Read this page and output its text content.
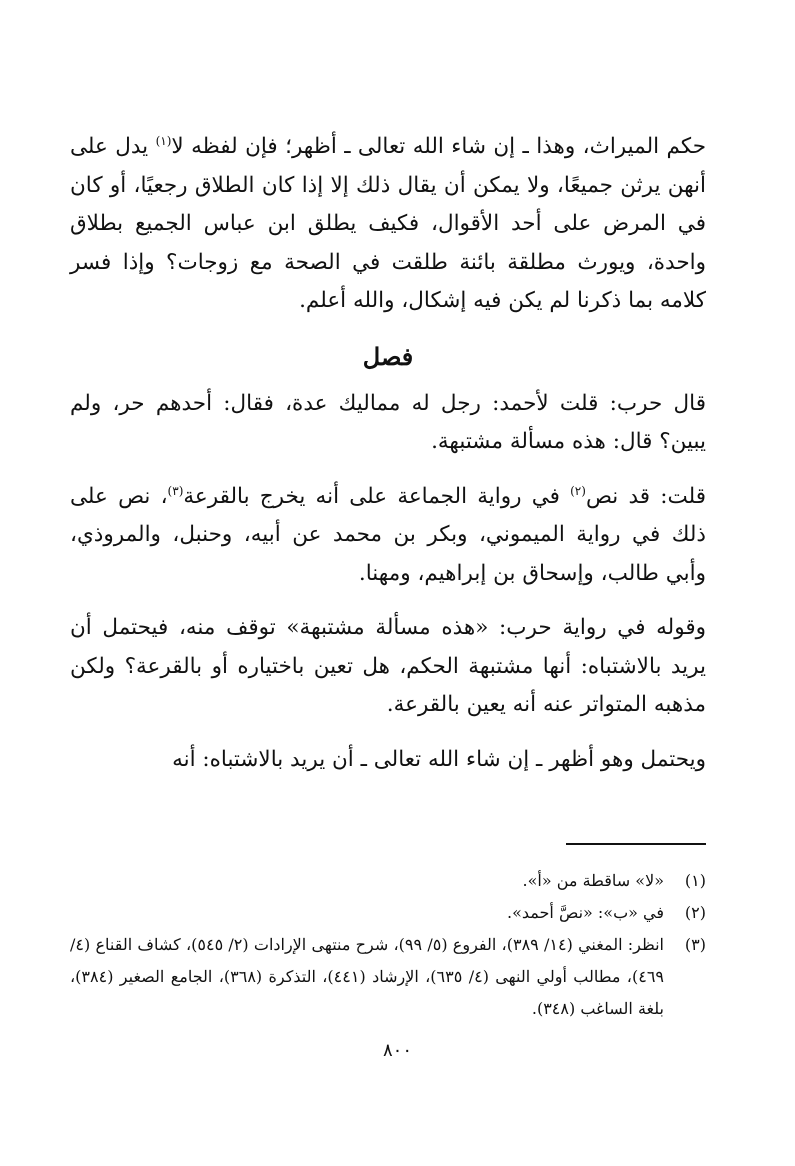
حكم الميراث، وهذا ـ إن شاء الله تعالى ـ أظهر؛ فإن لفظه لا$^{(١)}$ يدل على أنهن يرثن جميعًا، ولا يمكن أن يقال ذلك إلا إذا كان الطلاق رجعيًا، أو كان في المرض على أحد الأقوال، فكيف يطلق ابن عباس الجميع بطلاق واحدة، ويورث مطلقة بائنة طلقت في الصحة مع زوجات؟ وإذا فسر كلامه بما ذكرنا لم يكن فيه إشكال، والله أعلم.

فصل

قال حرب: قلت لأحمد: رجل له مماليك عدة، فقال: أحدهم حر، ولم يبين؟ قال: هذه مسألة مشتبهة.

قلت: قد نص$^{(٢)}$ في رواية الجماعة على أنه يخرج بالقرعة$^{(٣)}$، نص على ذلك في رواية الميموني، وبكر بن محمد عن أبيه، وحنبل، والمروذي، وأبي طالب، وإسحاق بن إبراهيم، ومهنا.

وقوله في رواية حرب: «هذه مسألة مشتبهة» توقف منه، فيحتمل أن يريد بالاشتباه: أنها مشتبهة الحكم، هل تعين باختياره أو بالقرعة؟ ولكن مذهبه المتواتر عنه أنه يعين بالقرعة.

ويحتمل وهو أظهر ـ إن شاء الله تعالى ـ أن يريد بالاشتباه: أنه

(١)
«لا» ساقطة من «أ».
(٢)
في «ب»: «نصَّ أحمد».
(٣)
انظر: المغني (١٤/ ٣٨٩)، الفروع (٥/ ٩٩)، شرح منتهى الإرادات (٢/ ٥٤٥)، كشاف القناع (٤/ ٤٦٩)، مطالب أولي النهى (٤/ ٦٣٥)، الإرشاد (٤٤١)، التذكرة (٣٦٨)، الجامع الصغير (٣٨٤)، بلغة الساغب (٣٤٨).
٨٠٠
